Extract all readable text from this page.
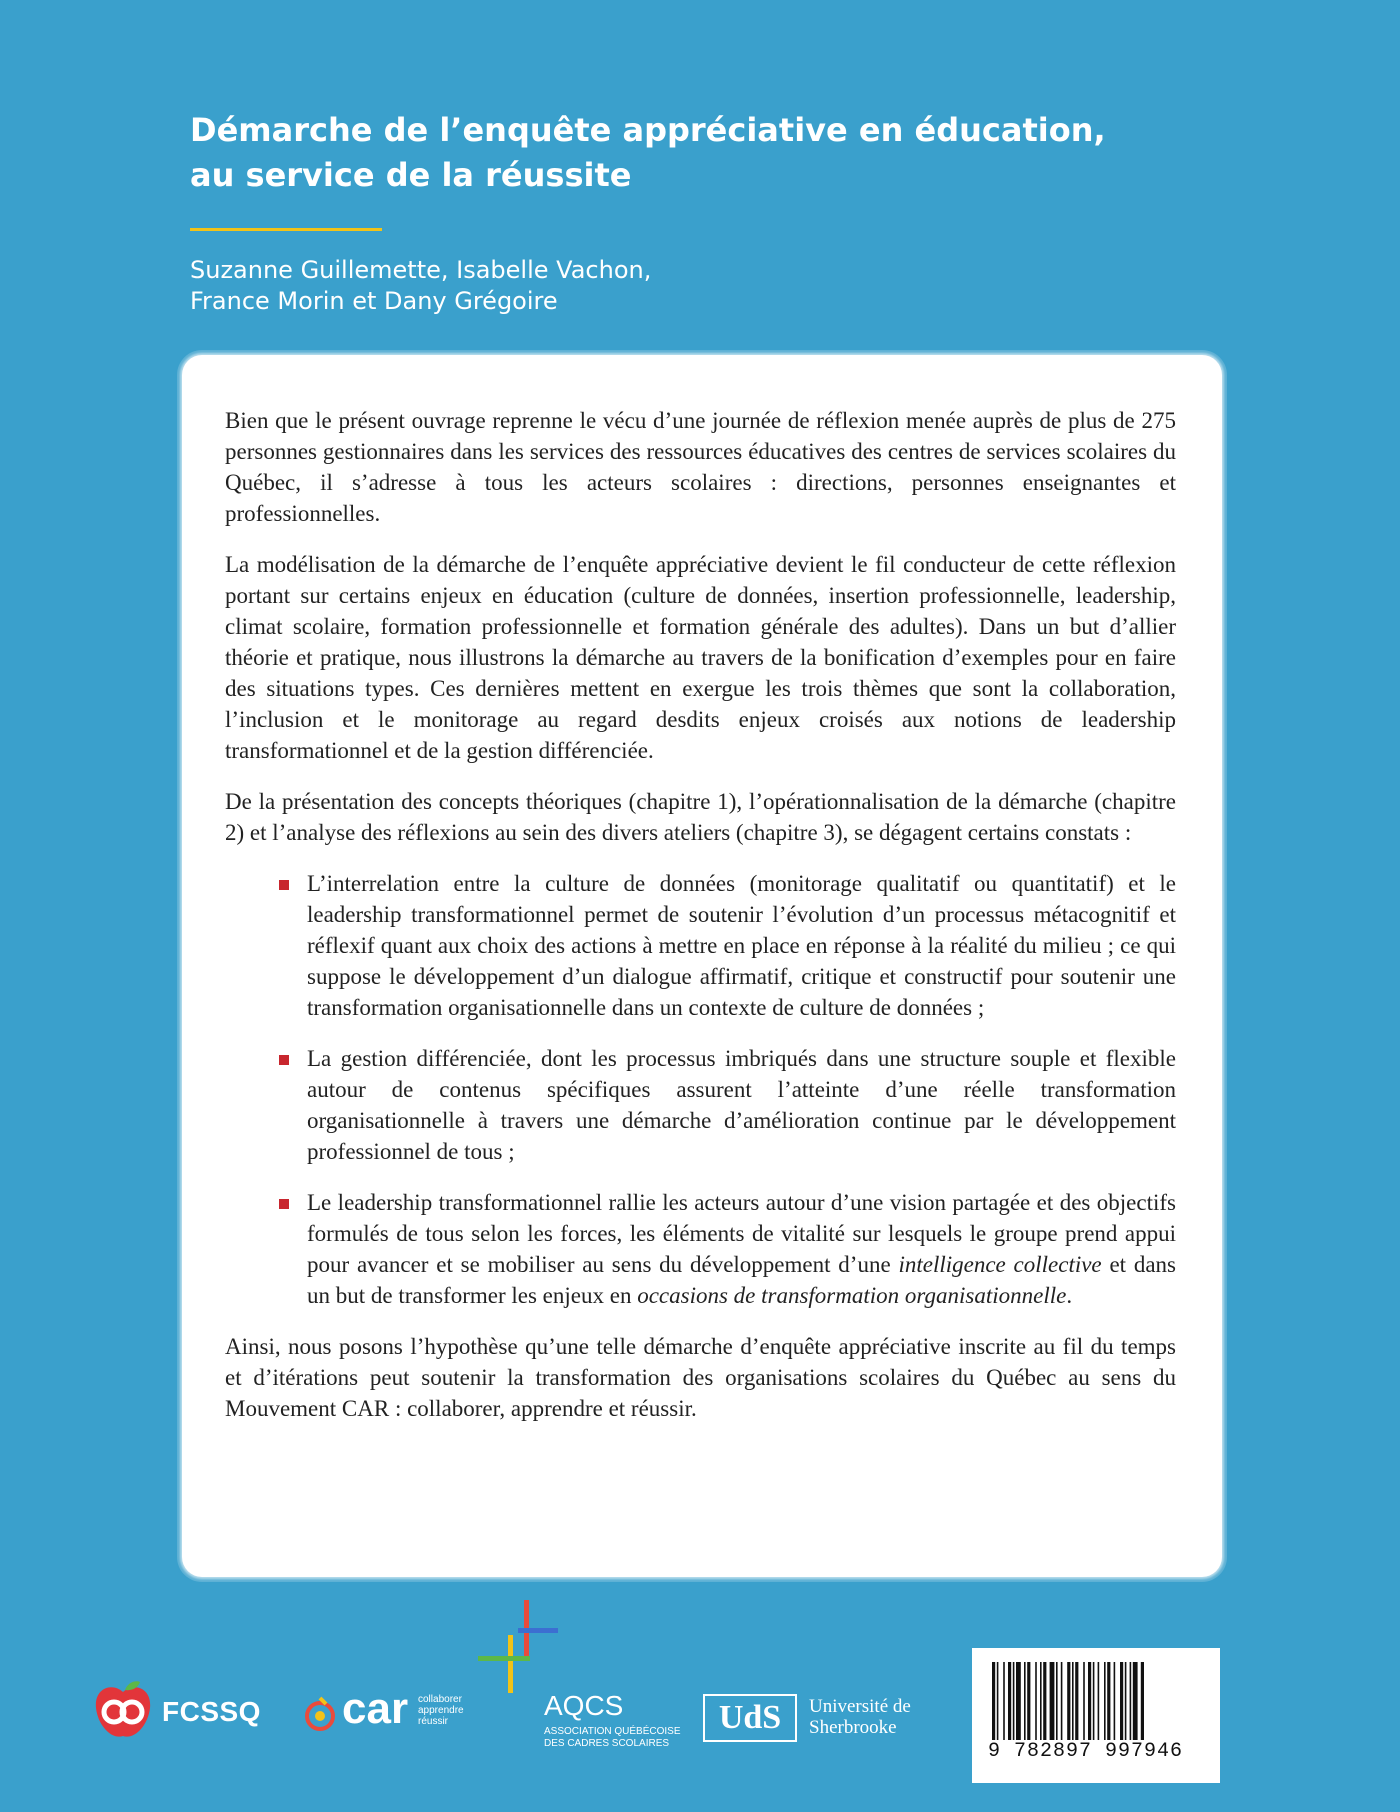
Démarche de l’enquête appréciative en éducation,
au service de la réussite
Suzanne Guillemette, Isabelle Vachon,
France Morin et Dany Grégoire

Bien que le présent ouvrage reprenne le vécu d’une journée de réflexion menée auprès de plus de 275 personnes gestionnaires dans les services des ressources éducatives des centres de services scolaires du Québec, il s’adresse à tous les acteurs scolaires : directions, personnes enseignantes et professionnelles.

La modélisation de la démarche de l’enquête appréciative devient le fil conducteur de cette réflexion portant sur certains enjeux en éducation (culture de données, insertion professionnelle, leadership, climat scolaire, formation professionnelle et formation générale des adultes). Dans un but d’allier théorie et pratique, nous illustrons la démarche au travers de la bonification d’exemples pour en faire des situations types. Ces dernières mettent en exergue les trois thèmes que sont la collaboration, l’inclusion et le monitorage au regard desdits enjeux croisés aux notions de leadership transformationnel et de la gestion différenciée.

De la présentation des concepts théoriques (chapitre 1), l’opérationnalisation de la démarche (chapitre 2) et l’analyse des réflexions au sein des divers ateliers (chapitre 3), se dégagent certains constats :

L’interrelation entre la culture de données (monitorage qualitatif ou quantitatif) et le leadership transformationnel permet de soutenir l’évolution d’un processus métacognitif et réflexif quant aux choix des actions à mettre en place en réponse à la réalité du milieu ; ce qui suppose le développement d’un dialogue affirmatif, critique et constructif pour soutenir une transformation organisationnelle dans un contexte de culture de données ;
La gestion différenciée, dont les processus imbriqués dans une structure souple et flexible autour de contenus spécifiques assurent l’atteinte d’une réelle transformation organisationnelle à travers une démarche d’amélioration continue par le développement professionnel de tous ;
Le leadership transformationnel rallie les acteurs autour d’une vision partagée et des objectifs formulés de tous selon les forces, les éléments de vitalité sur lesquels le groupe prend appui pour avancer et se mobiliser au sens du développement d’une intelligence collective et dans un but de transformer les enjeux en occasions de transformation organisationnelle.

Ainsi, nous posons l’hypothèse qu’une telle démarche d’enquête appréciative inscrite au fil du temps et d’itérations peut soutenir la transformation des organisations scolaires du Québec au sens du Mouvement CAR : collaborer, apprendre et réussir.

FCSSQ car collaborer
apprendre
réussir
AQCS
ASSOCIATION QUÉBÉCOISE
DES CADRES SCOLAIRES
UdS	Université de
Sherbrooke
9 782897 997946
